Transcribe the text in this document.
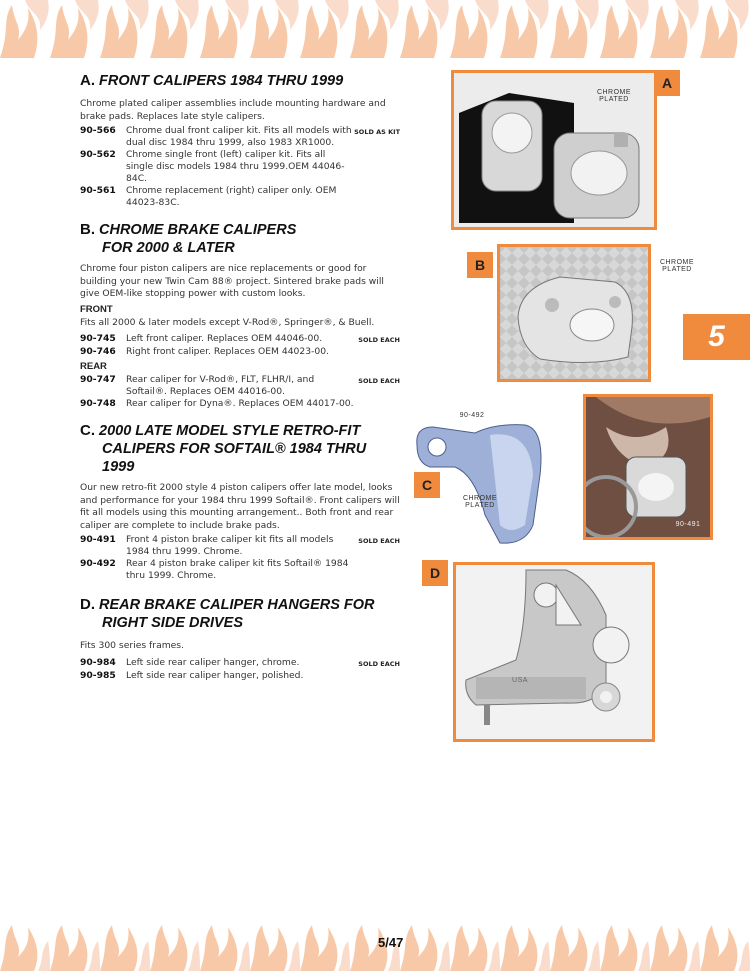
A. FRONT CALIPERS 1984 THRU 1999

Chrome plated caliper assemblies include mounting hardware and brake pads. Replaces late style calipers.

90-566	Chrome dual front caliper kit. Fits all models with dual disc 1984 thru 1999, also 1983 XR1000.
SOLD AS KIT
90-562	Chrome single front (left) caliper kit. Fits all single disc models 1984 thru 1999.OEM 44046-84C.
90-561	Chrome replacement (right) caliper only. OEM 44023-83C.
B. CHROME BRAKE CALIPERS
FOR 2000 & LATER

Chrome four piston calipers are nice replacements or good for building your new Twin Cam 88® project. Sintered brake pads will give OEM-like stopping power with custom looks.

FRONT

Fits all 2000 & later models except V-Rod®, Springer®, & Buell.

90-745	Left front caliper. Replaces OEM 44046-00.	SOLD EACH
90-746	Right front caliper. Replaces OEM 44023-00.
REAR
90-747	Rear caliper for V-Rod®, FLT, FLHR/I, and Softail®. Replaces OEM 44016-00.
SOLD EACH
90-748	Rear caliper for Dyna®. Replaces OEM 44017-00.
C. 2000 LATE MODEL STYLE RETRO-FIT
CALIPERS FOR SOFTAIL® 1984 THRU 1999

Our new retro-fit 2000 style 4 piston calipers offer late model, looks and performance for your 1984 thru 1999 Softail®. Front calipers will fit all models using this mounting arrangement.. Both front and rear caliper are complete to include brake pads.

90-491	Front 4 piston brake caliper kit fits all models 1984 thru 1999. Chrome.
SOLD EACH
90-492	Rear 4 piston brake caliper kit fits Softail® 1984 thru 1999. Chrome.
D. REAR BRAKE CALIPER HANGERS FOR
RIGHT SIDE DRIVES

Fits 300 series frames.

90-984	Left side rear caliper hanger, chrome.	SOLD EACH
90-985	Left side rear caliper hanger, polished.
CHROME PLATED
A
B	CHROME PLATED
5
90-492
C
CHROME PLATED
90-491
D
USA
5/47
